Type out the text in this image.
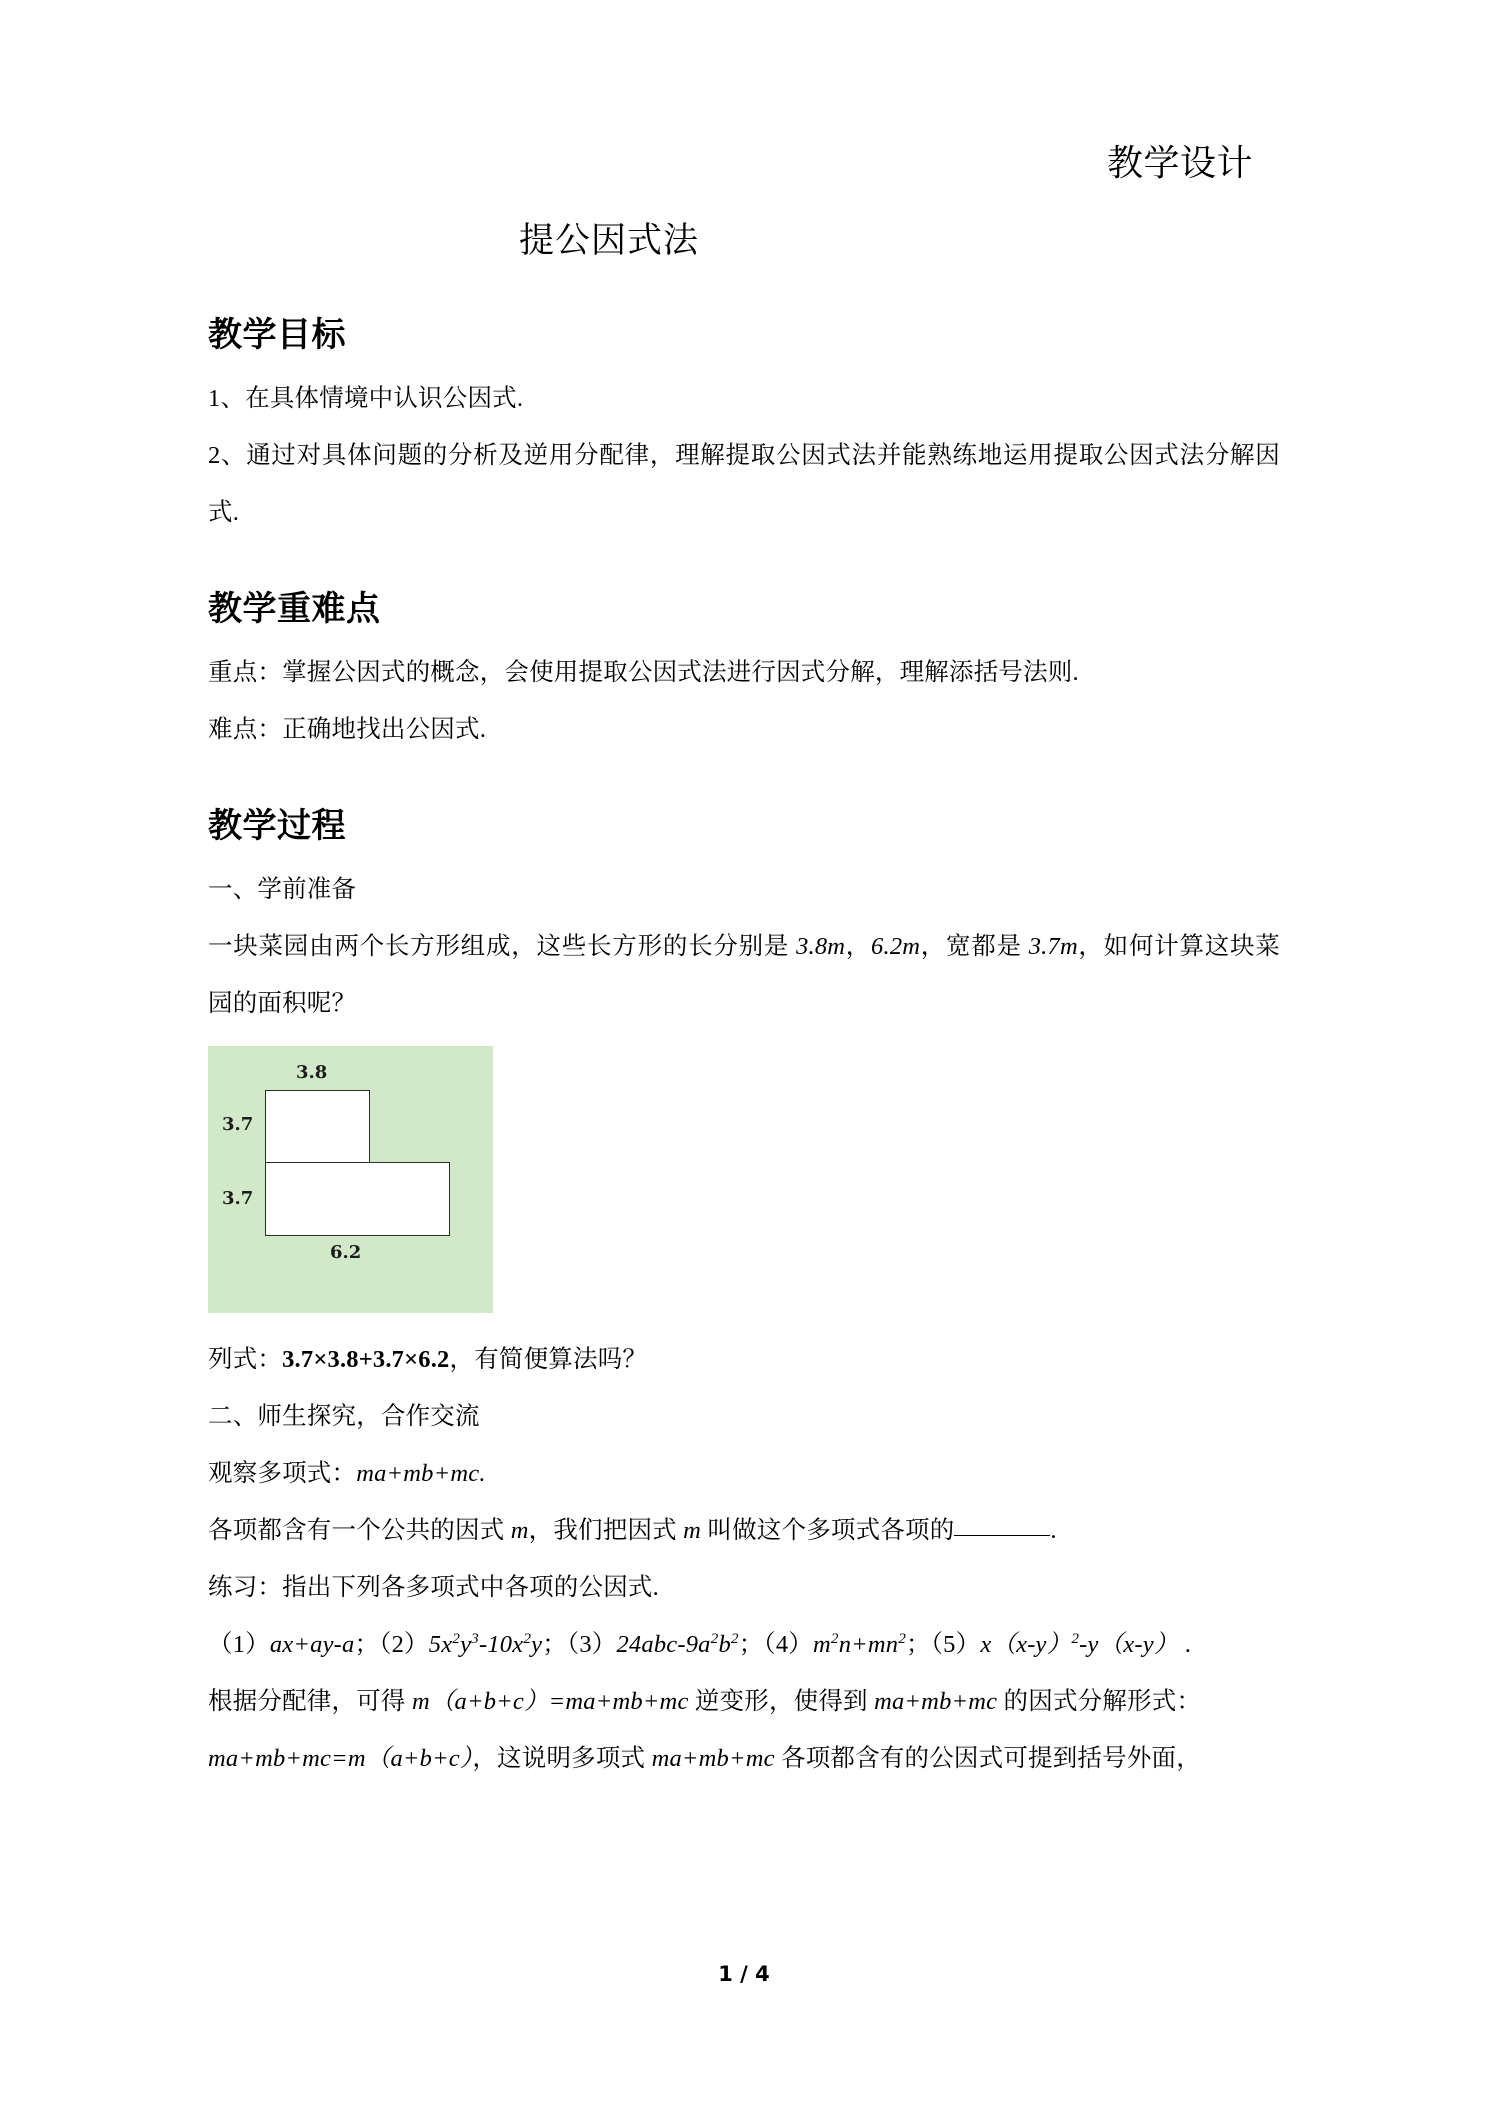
教学设计
提公因式法
教学目标

1、在具体情境中认识公因式.

2、通过对具体问题的分析及逆用分配律，理解提取公因式法并能熟练地运用提取公因式法分解因式.

教学重难点

重点：掌握公因式的概念，会使用提取公因式法进行因式分解，理解添括号法则.

难点：正确地找出公因式.

教学过程

一、学前准备

一块菜园由两个长方形组成，这些长方形的长分别是 3.8m，6.2m，宽都是 3.7m，如何计算这块菜园的面积呢？

3.8
3.7
3.7
6.2

列式：3.7×3.8+3.7×6.2，有简便算法吗？

二、师生探究，合作交流

观察多项式：ma+mb+mc.

各项都含有一个公共的因式 m，我们把因式 m 叫做这个多项式各项的	.

练习：指出下列各多项式中各项的公因式.

（1）ax+ay-a；$(2)5x^2y^3-10x^2y$；$(3)24abc-9a^2b^2$；$(4)m^2n+mn^2$；$(5)x(x-y)^2-y(x-y)$ .

根据分配律，可得 m（a+b+c）=ma+mb+mc 逆变形，使得到 ma+mb+mc 的因式分解形式：

ma+mb+mc=m（a+b+c），这说明多项式 ma+mb+mc 各项都含有的公因式可提到括号外面，

1 / 4
